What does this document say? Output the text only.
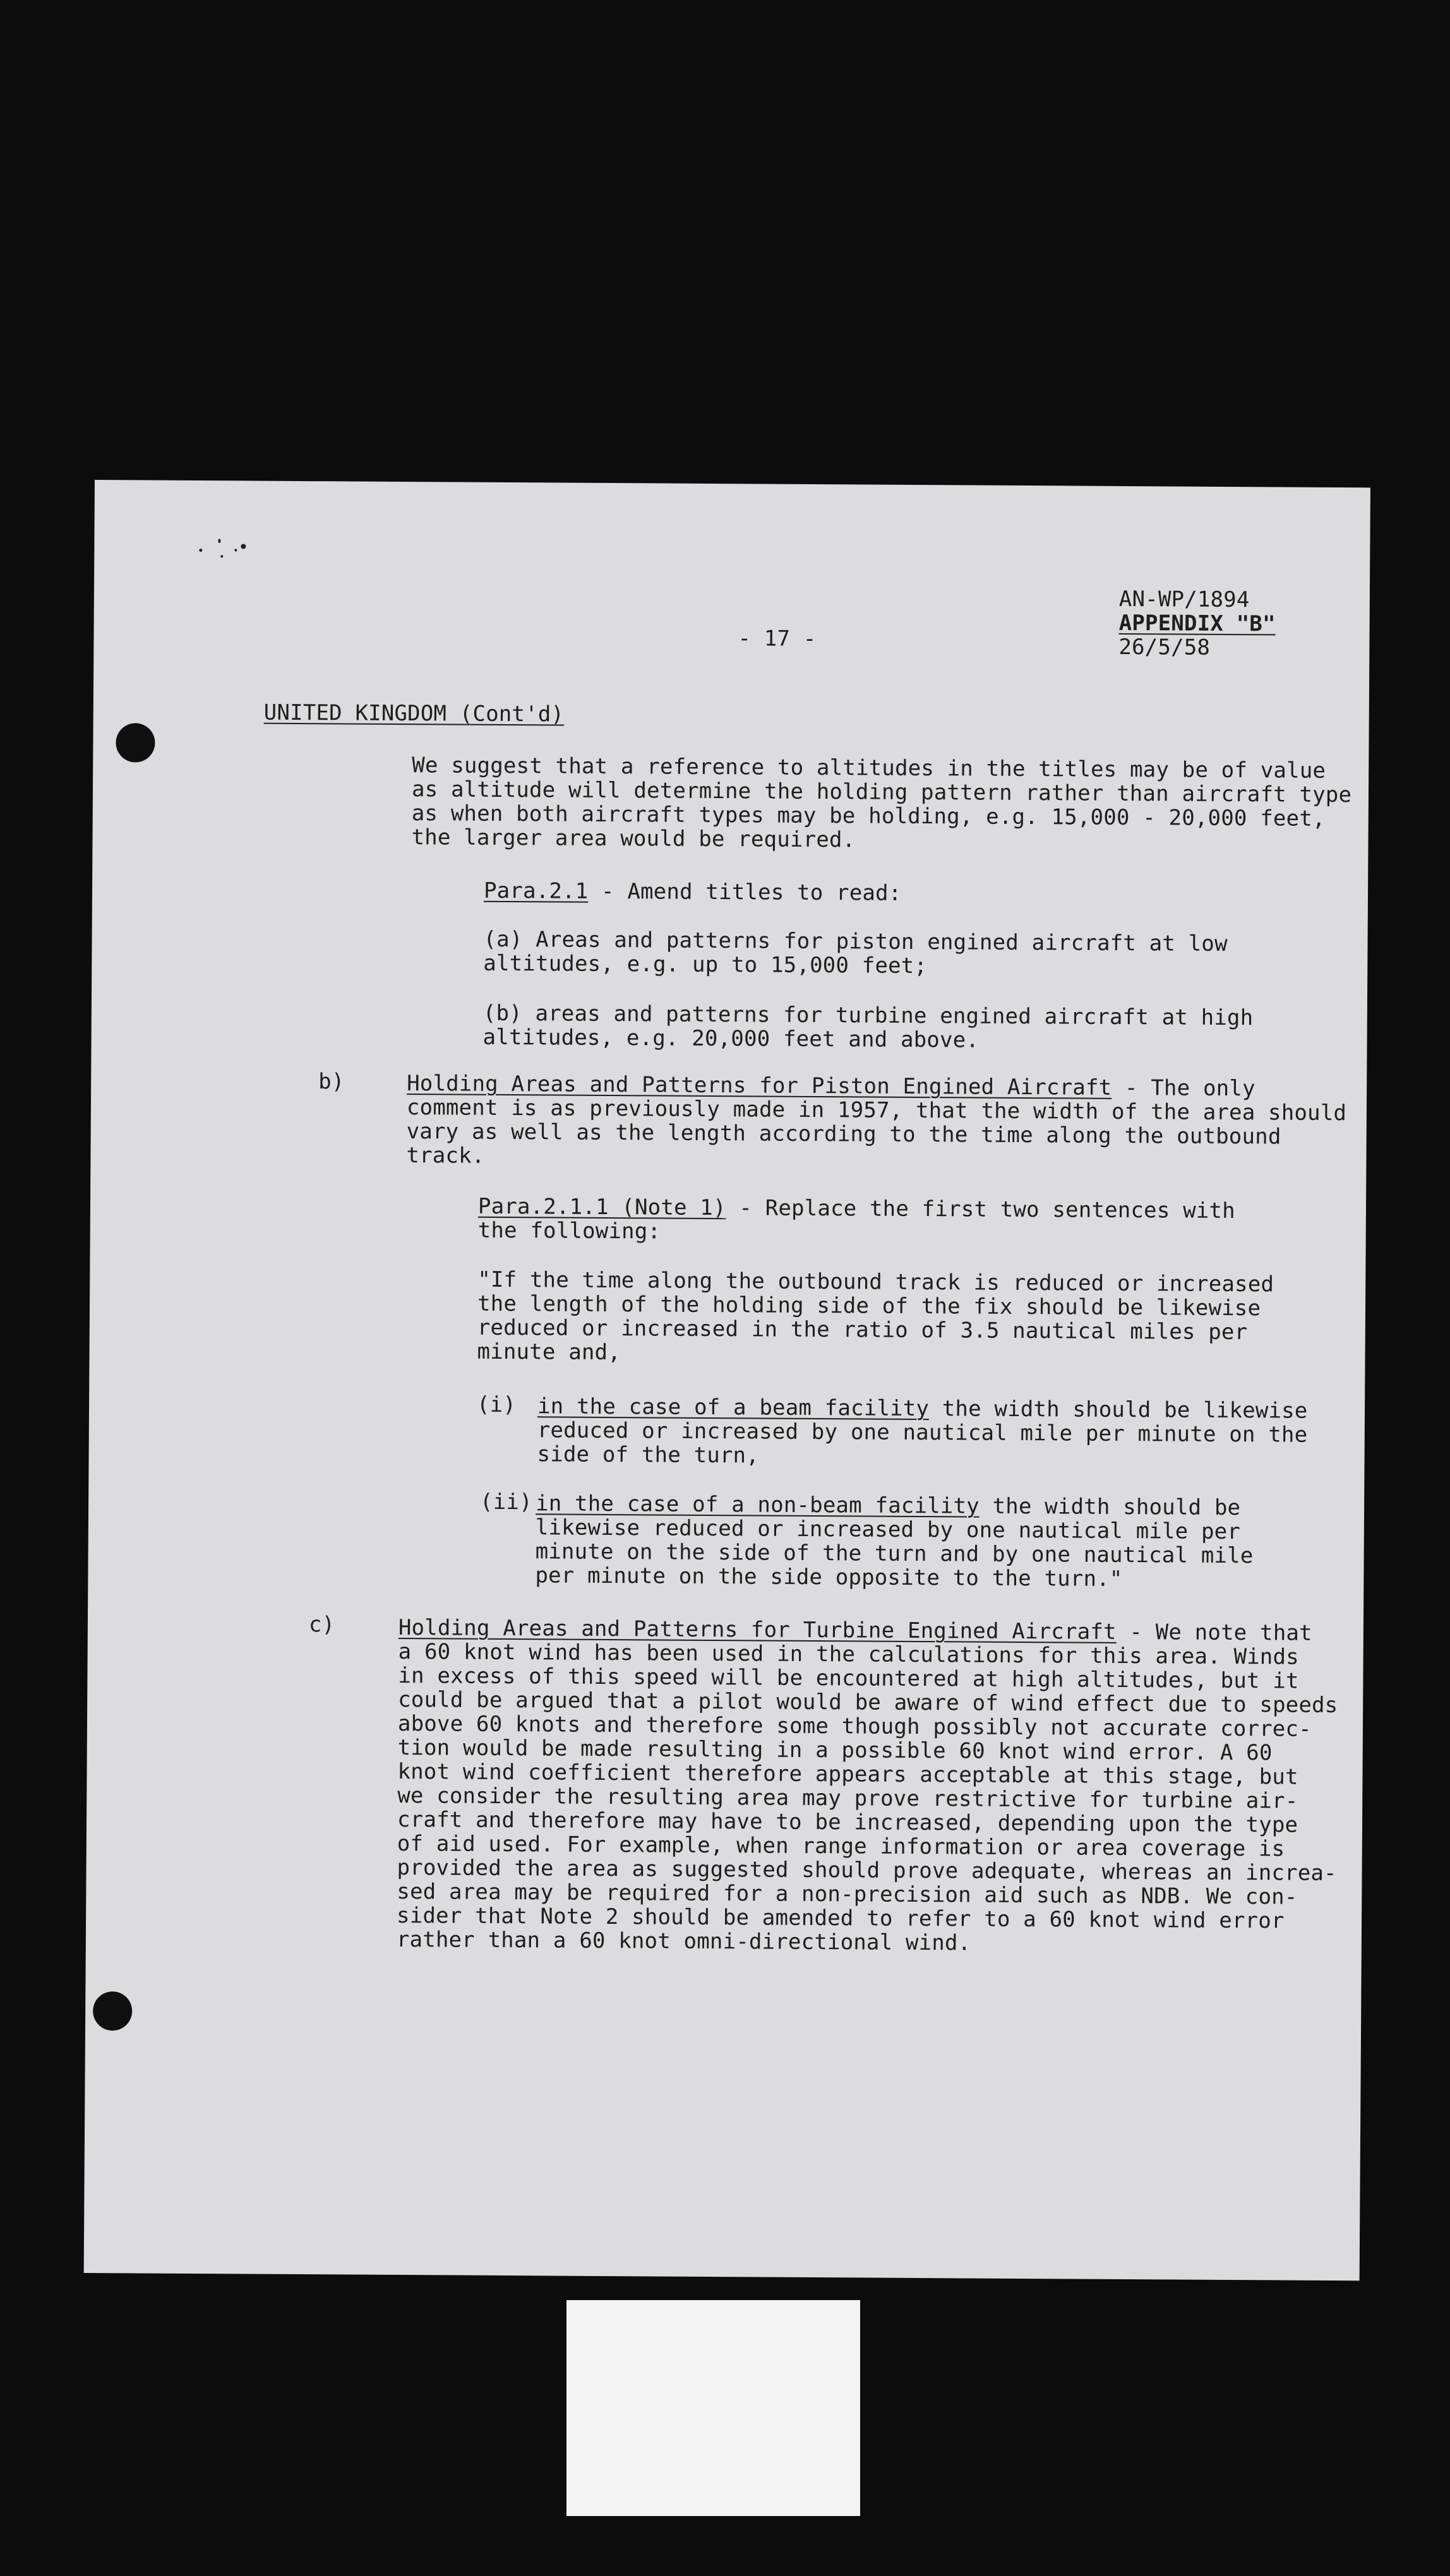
AN-WP/1894
APPENDIX "B"
26/5/58
- 17 -
UNITED KINGDOM (Cont'd)
We suggest that a reference to altitudes in the titles may be of value
as altitude will determine the holding pattern rather than aircraft type
as when both aircraft types may be holding, e.g. 15,000 - 20,000 feet,
the larger area would be required.
Para.2.1 - Amend titles to read:
(a) Areas and patterns for piston engined aircraft at low
altitudes, e.g. up to 15,000 feet;
(b) areas and patterns for turbine engined aircraft at high
altitudes, e.g. 20,000 feet and above.
b)	Holding Areas and Patterns for Piston Engined Aircraft - The only
comment is as previously made in 1957, that the width of the area should
vary as well as the length according to the time along the outbound
track.
Para.2.1.1 (Note 1) - Replace the first two sentences with
the following:
"If the time along the outbound track is reduced or increased
the length of the holding side of the fix should be likewise
reduced or increased in the ratio of 3.5 nautical miles per
minute and,
(i) in the case of a beam facility the width should be likewise
reduced or increased by one nautical mile per minute on the
side of the turn,
(ii) in the case of a non-beam facility the width should be
likewise reduced or increased by one nautical mile per
minute on the side of the turn and by one nautical mile
per minute on the side opposite to the turn."
c)	Holding Areas and Patterns for Turbine Engined Aircraft - We note that
a 60 knot wind has been used in the calculations for this area. Winds
in excess of this speed will be encountered at high altitudes, but it
could be argued that a pilot would be aware of wind effect due to speeds
above 60 knots and therefore some though possibly not accurate correc-
tion would be made resulting in a possible 60 knot wind error. A 60
knot wind coefficient therefore appears acceptable at this stage, but
we consider the resulting area may prove restrictive for turbine air-
craft and therefore may have to be increased, depending upon the type
of aid used. For example, when range information or area coverage is
provided the area as suggested should prove adequate, whereas an increa-
sed area may be required for a non-precision aid such as NDB. We con-
sider that Note 2 should be amended to refer to a 60 knot wind error
rather than a 60 knot omni-directional wind.
